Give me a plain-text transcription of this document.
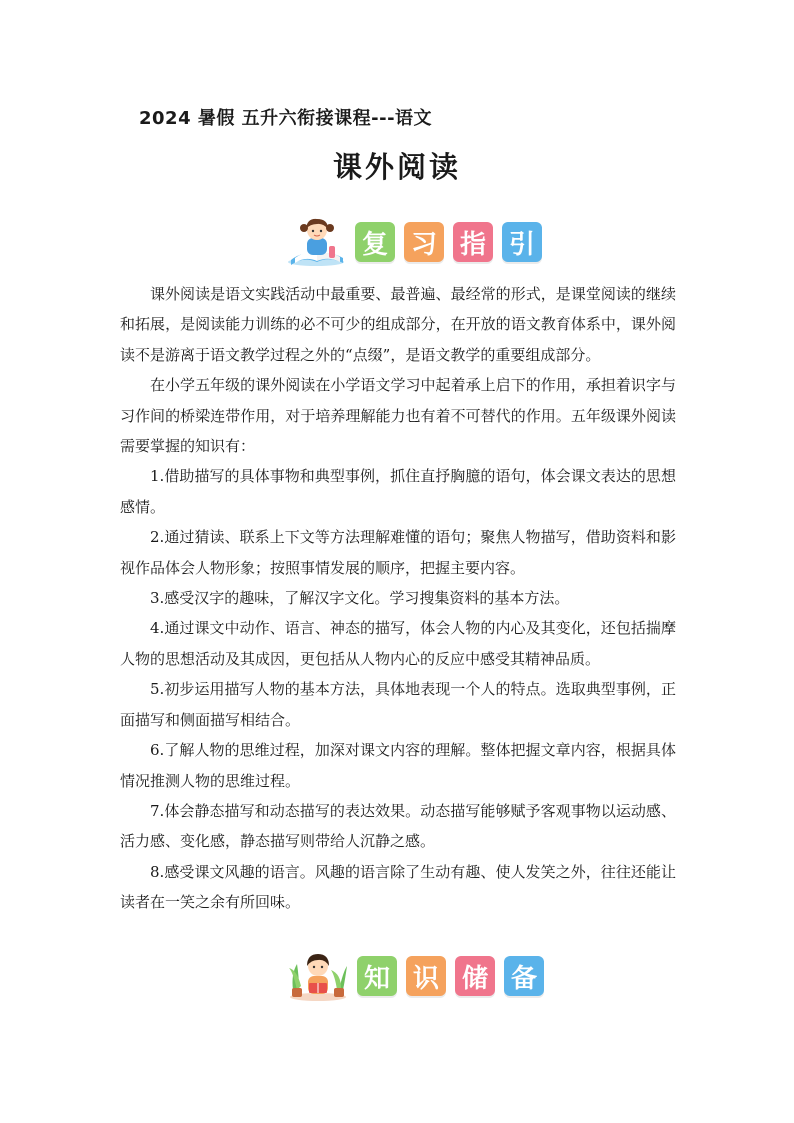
2024 暑假 五升六衔接课程---语文
课外阅读
复 习 指 引

课外阅读是语文实践活动中最重要、最普遍、最经常的形式，是课堂阅读的继续和拓展，是阅读能力训练的必不可少的组成部分，在开放的语文教育体系中，课外阅读不是游离于语文教学过程之外的“点缀”，是语文教学的重要组成部分。

在小学五年级的课外阅读在小学语文学习中起着承上启下的作用，承担着识字与习作间的桥梁连带作用，对于培养理解能力也有着不可替代的作用。五年级课外阅读需要掌握的知识有：

1.借助描写的具体事物和典型事例，抓住直抒胸臆的语句，体会课文表达的思想感情。

2.通过猜读、联系上下文等方法理解难懂的语句；聚焦人物描写，借助资料和影视作品体会人物形象；按照事情发展的顺序，把握主要内容。

3.感受汉字的趣味，了解汉字文化。学习搜集资料的基本方法。

4.通过课文中动作、语言、神态的描写，体会人物的内心及其变化，还包括揣摩人物的思想活动及其成因，更包括从人物内心的反应中感受其精神品质。

5.初步运用描写人物的基本方法，具体地表现一个人的特点。选取典型事例，正面描写和侧面描写相结合。

6.了解人物的思维过程，加深对课文内容的理解。整体把握文章内容，根据具体情况推测人物的思维过程。

7.体会静态描写和动态描写的表达效果。动态描写能够赋予客观事物以运动感、活力感、变化感，静态描写则带给人沉静之感。

8.感受课文风趣的语言。风趣的语言除了生动有趣、使人发笑之外，往往还能让读者在一笑之余有所回味。

知 识 储 备
